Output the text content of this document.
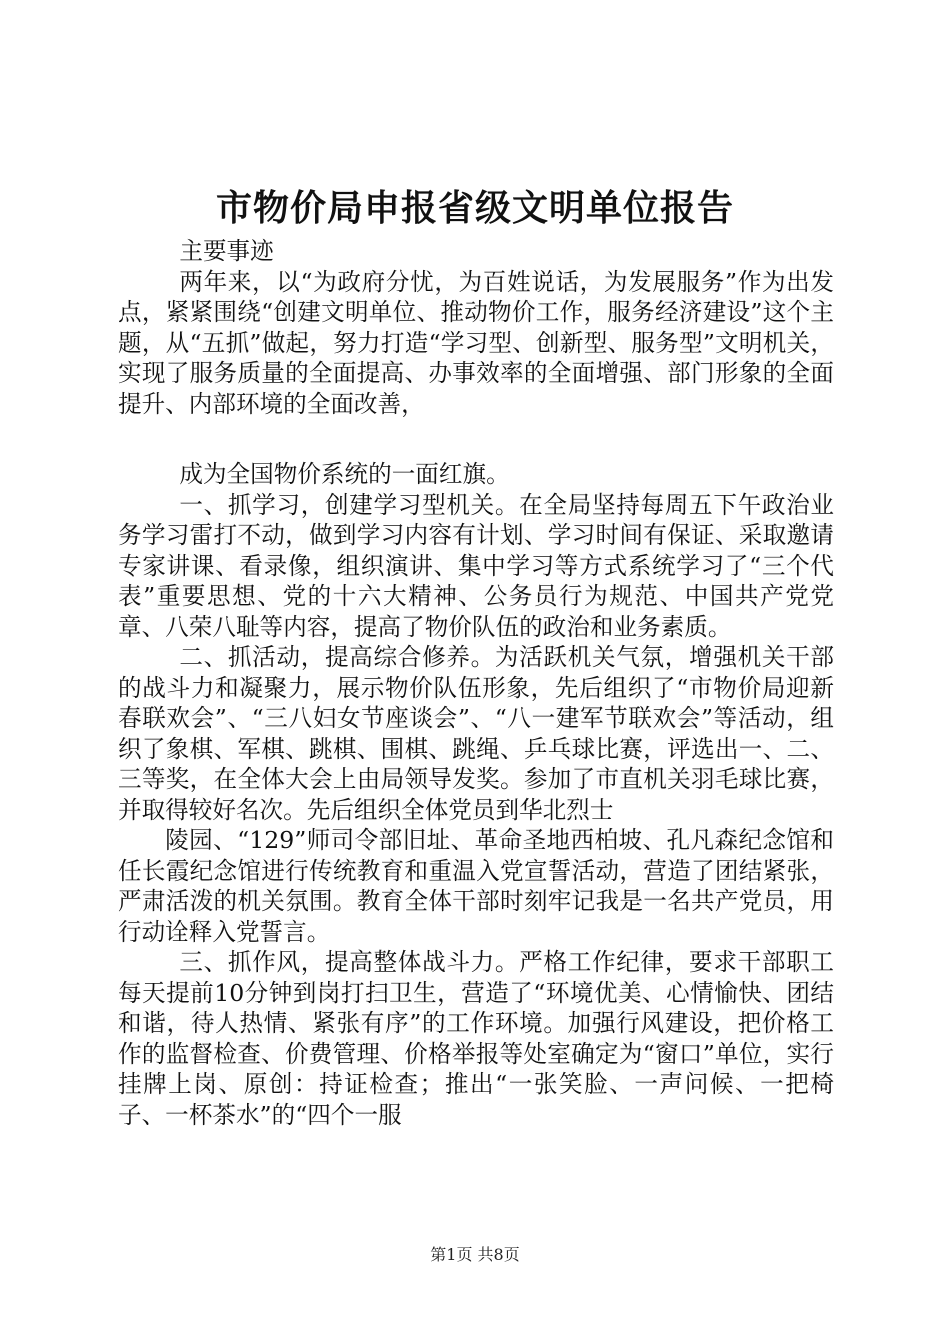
市物价局申报省级文明单位报告

主要事迹

两年来，以“为政府分忧，为百姓说话，为发展服务”作为出发点，紧紧围绕“创建文明单位、推动物价工作，服务经济建设”这个主题，从“五抓”做起，努力打造“学习型、创新型、服务型”文明机关，实现了服务质量的全面提高、办事效率的全面增强、部门形象的全面提升、内部环境的全面改善，

成为全国物价系统的一面红旗。

一、抓学习，创建学习型机关。在全局坚持每周五下午政治业务学习雷打不动，做到学习内容有计划、学习时间有保证、采取邀请专家讲课、看录像，组织演讲、集中学习等方式系统学习了“三个代表”重要思想、党的十六大精神、公务员行为规范、中国共产党党章、八荣八耻等内容，提高了物价队伍的政治和业务素质。

二、抓活动，提高综合修养。为活跃机关气氛，增强机关干部的战斗力和凝聚力，展示物价队伍形象，先后组织了“市物价局迎新春联欢会”、“三八妇女节座谈会”、“八一建军节联欢会”等活动，组织了象棋、军棋、跳棋、围棋、跳绳、乒乓球比赛，评选出一、二、三等奖，在全体大会上由局领导发奖。参加了市直机关羽毛球比赛，并取得较好名次。先后组织全体党员到华北烈士

陵园、“129”师司令部旧址、革命圣地西柏坡、孔凡森纪念馆和任长霞纪念馆进行传统教育和重温入党宣誓活动，营造了团结紧张，严肃活泼的机关氛围。教育全体干部时刻牢记我是一名共产党员，用行动诠释入党誓言。

三、抓作风，提高整体战斗力。严格工作纪律，要求干部职工每天提前10分钟到岗打扫卫生，营造了“环境优美、心情愉快、团结和谐，待人热情、紧张有序”的工作环境。加强行风建设，把价格工作的监督检查、价费管理、价格举报等处室确定为“窗口”单位，实行挂牌上岗、原创：持证检查；推出“一张笑脸、一声问候、一把椅子、一杯茶水”的“四个一服

第1页 共8页
